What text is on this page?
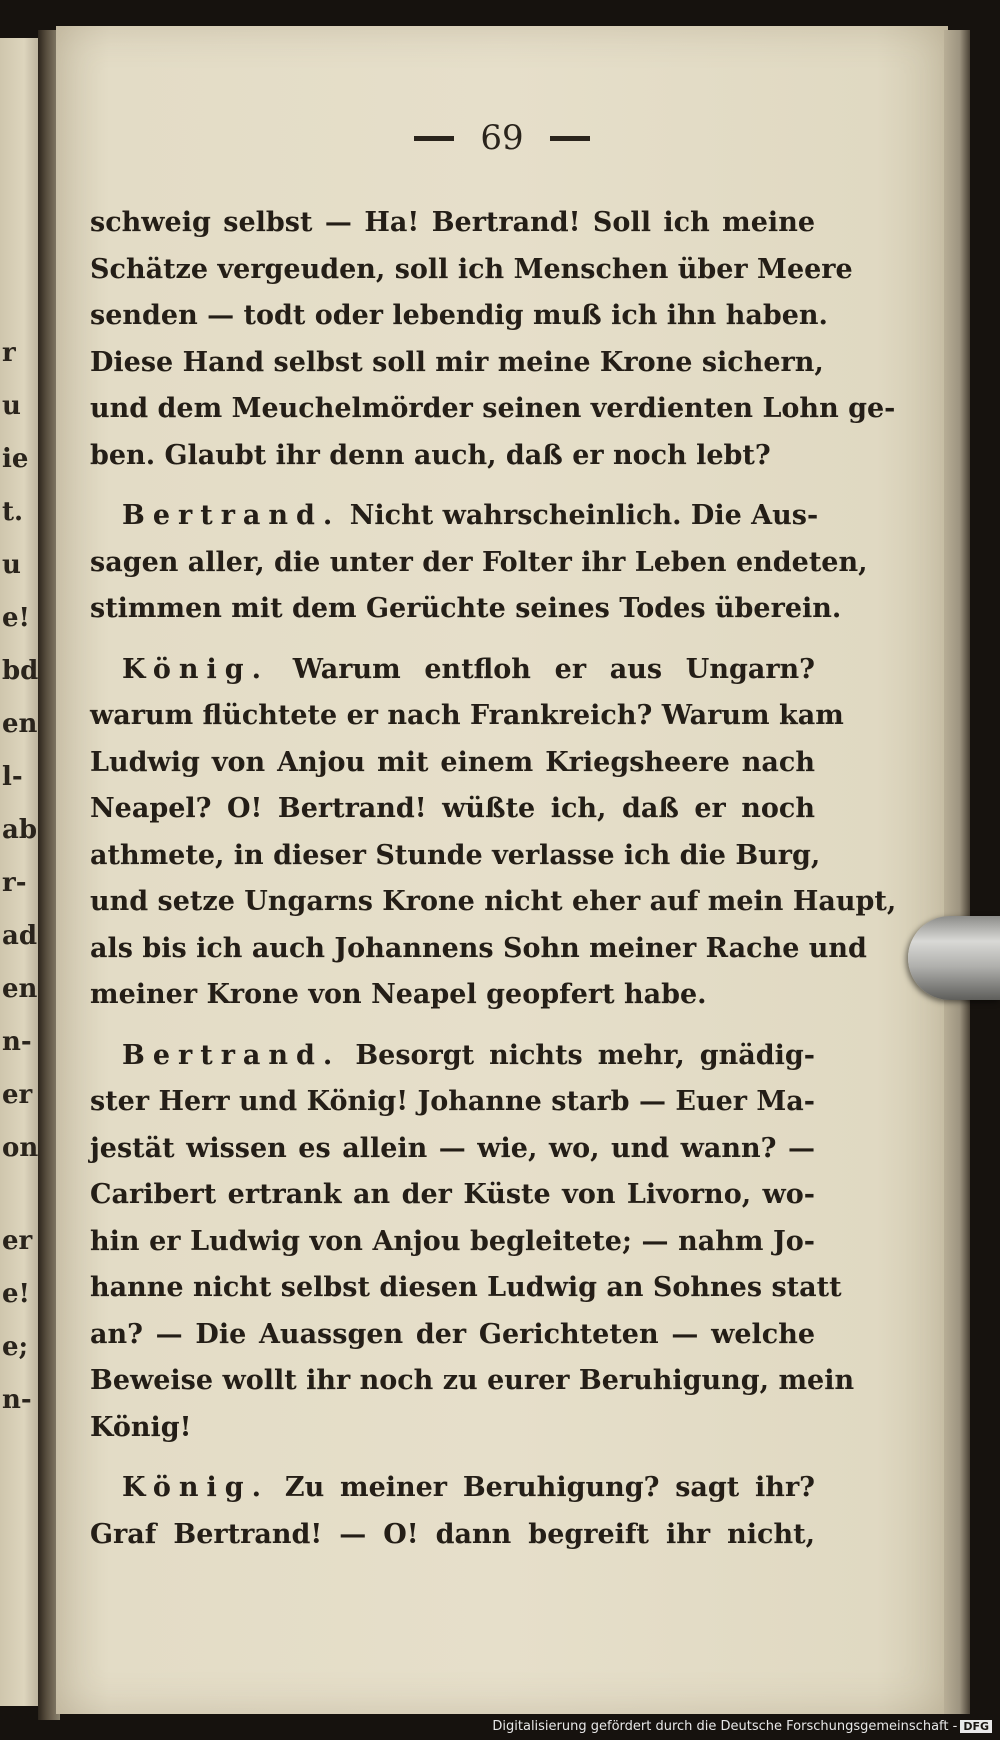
r
u
ie
t.
u
e!
bd
en
l-
ab
r-
ad
en
n-
er
on
er
e!
e;
n-
69
schweig selbst — Ha! Bertrand! Soll ich meine
Schätze vergeuden, soll ich Menschen über Meere
senden — todt oder lebendig muß ich ihn haben.
Diese Hand selbst soll mir meine Krone sichern,
und dem Meuchelmörder seinen verdienten Lohn ge-
ben. Glaubt ihr denn auch, daß er noch lebt?
Bertrand. Nicht wahrscheinlich. Die Aus-
sagen aller, die unter der Folter ihr Leben endeten,
stimmen mit dem Gerüchte seines Todes überein.
König. Warum entfloh er aus Ungarn?
warum flüchtete er nach Frankreich? Warum kam
Ludwig von Anjou mit einem Kriegsheere nach
Neapel? O! Bertrand! wüßte ich, daß er noch
athmete, in dieser Stunde verlasse ich die Burg,
und setze Ungarns Krone nicht eher auf mein Haupt,
als bis ich auch Johannens Sohn meiner Rache und
meiner Krone von Neapel geopfert habe.
Bertrand. Besorgt nichts mehr, gnädig-
ster Herr und König! Johanne starb — Euer Ma-
jestät wissen es allein — wie, wo, und wann? —
Caribert ertrank an der Küste von Livorno, wo-
hin er Ludwig von Anjou begleitete; — nahm Jo-
hanne nicht selbst diesen Ludwig an Sohnes statt
an? — Die Auassgen der Gerichteten — welche
Beweise wollt ihr noch zu eurer Beruhigung, mein
König!
König. Zu meiner Beruhigung? sagt ihr?
Graf Bertrand! — O! dann begreift ihr nicht,
Digitalisierung gefördert durch die Deutsche Forschungsgemeinschaft - DFG
